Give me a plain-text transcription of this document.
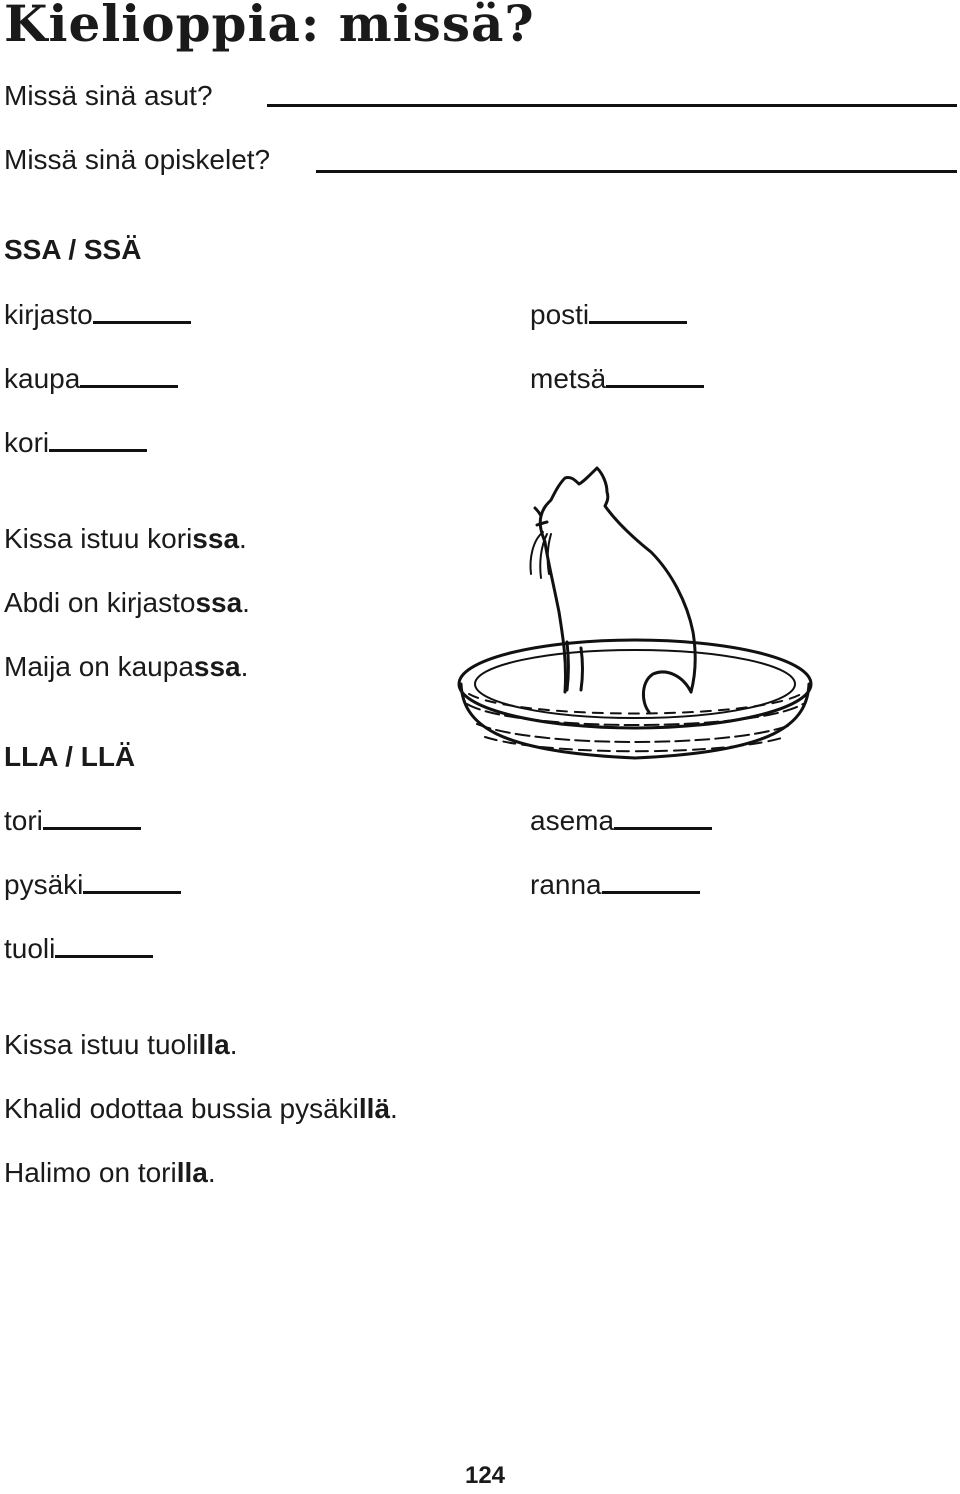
Kielioppia: missä?
Missä sinä asut?
Missä sinä opiskelet?
SSA / SSÄ
kirjasto	posti
kaupa	metsä
kori
Kissa istuu korissa.
Abdi on kirjastossa.
Maija on kaupassa.
LLA / LLÄ
tori	asema
pysäki	ranna
tuoli
Kissa istuu tuolilla.
Khalid odottaa bussia pysäkillä.
Halimo on torilla.
124
